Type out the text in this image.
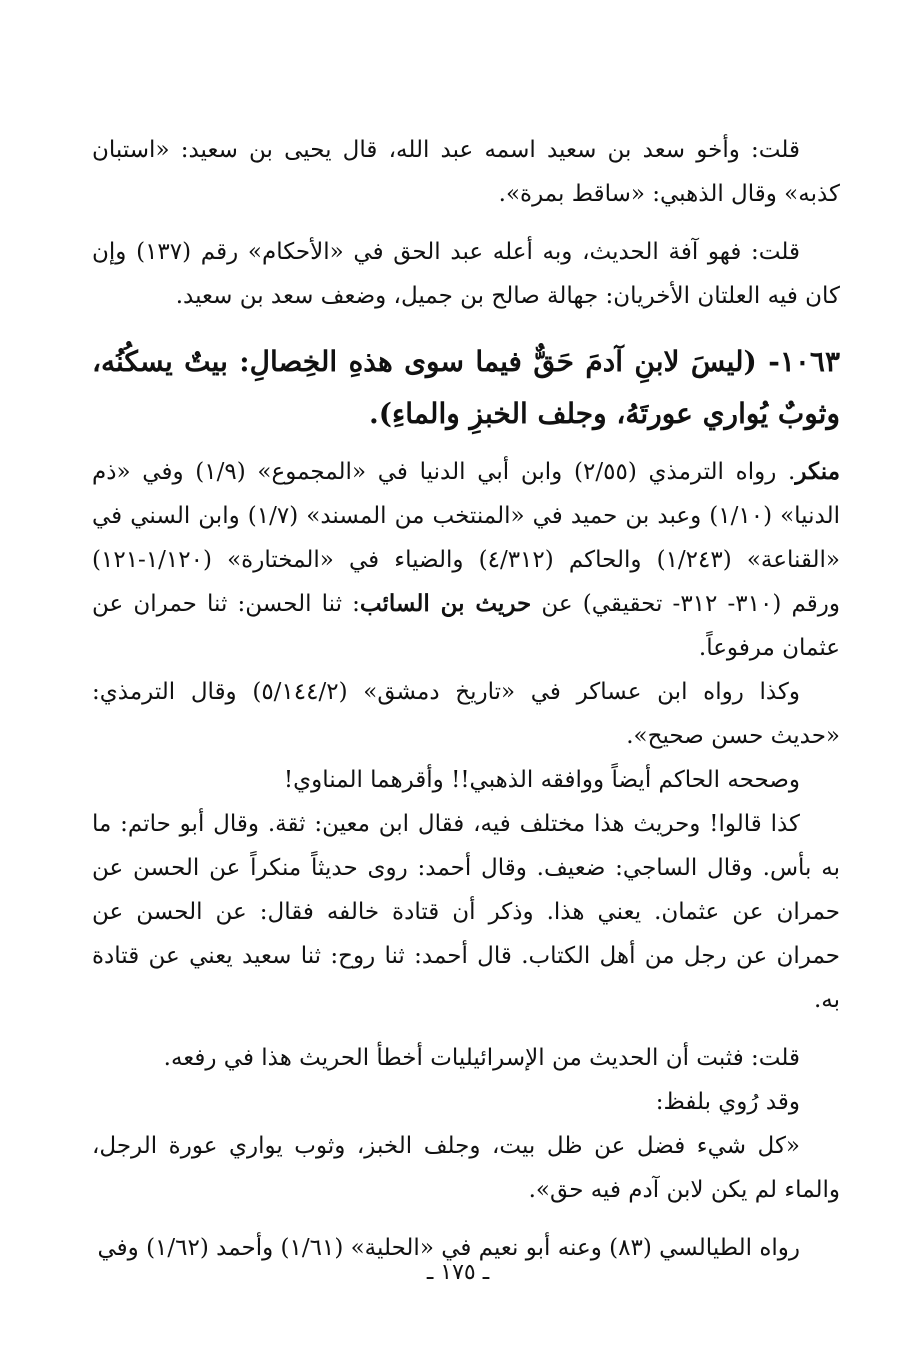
قلت: وأخو سعد بن سعيد اسمه عبد الله، قال يحيى بن سعيد: «استبان كذبه» وقال الذهبي: «ساقط بمرة».

قلت: فهو آفة الحديث، وبه أعله عبد الحق في «الأحكام» رقم (١٣٧) وإن كان فيه العلتان الأخريان: جهالة صالح بن جميل، وضعف سعد بن سعيد.

١٠٦٣- (ليسَ لابنِ آدمَ حَقٌّ فيما سوى هذهِ الخِصالِ: بيتٌ يسكُنُه، وثوبٌ يُواري عورتَهُ، وجلف الخبزِ والماءِ).

منكر. رواه الترمذي (٢/٥٥) وابن أبي الدنيا في «المجموع» (١/٩) وفي «ذم الدنيا» (١/١٠) وعبد بن حميد في «المنتخب من المسند» (١/٧) وابن السني في «القناعة» (١/٢٤٣) والحاكم (٤/٣١٢) والضياء في «المختارة» (١/١٢٠-١٢١) ورقم (٣١٠- ٣١٢- تحقيقي) عن حريث بن السائب: ثنا الحسن: ثنا حمران عن عثمان مرفوعاً.

وكذا رواه ابن عساكر في «تاريخ دمشق» (٥/١٤٤/٢) وقال الترمذي: «حديث حسن صحيح».

وصححه الحاكم أيضاً ووافقه الذهبي!! وأقرهما المناوي!

كذا قالوا! وحريث هذا مختلف فيه، فقال ابن معين: ثقة. وقال أبو حاتم: ما به بأس. وقال الساجي: ضعيف. وقال أحمد: روى حديثاً منكراً عن الحسن عن حمران عن عثمان. يعني هذا. وذكر أن قتادة خالفه فقال: عن الحسن عن حمران عن رجل من أهل الكتاب. قال أحمد: ثنا روح: ثنا سعيد يعني عن قتادة به.

قلت: فثبت أن الحديث من الإسرائيليات أخطأ الحريث هذا في رفعه.

وقد رُوي بلفظ:

«كل شيء فضل عن ظل بيت، وجلف الخبز، وثوب يواري عورة الرجل، والماء لم يكن لابن آدم فيه حق».

رواه الطيالسي (٨٣) وعنه أبو نعيم في «الحلية» (١/٦١) وأحمد (١/٦٢) وفي

ـ ١٧٥ ـ
